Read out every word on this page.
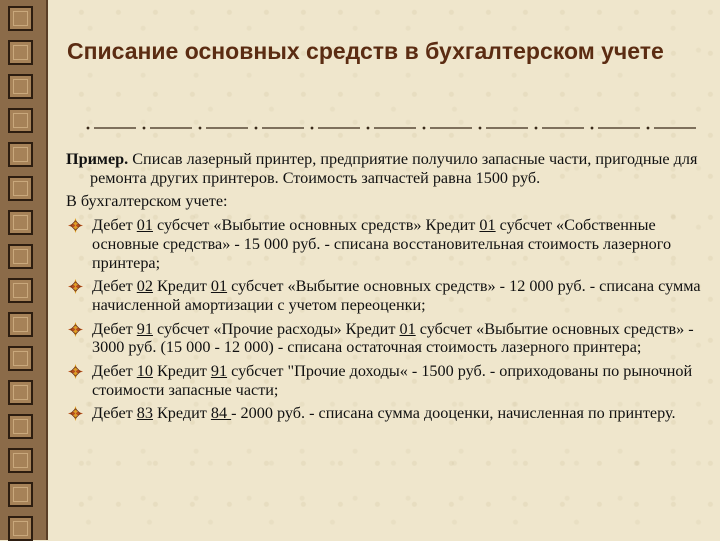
Списание основных средств в бухгалтерском учете

Пример. Списав лазерный принтер, предприятие получило запасные части, пригодные для ремонта других принтеров. Стоимость запчастей равна 1500 руб.

В бухгалтерском учете:

Дебет 01 субсчет «Выбытие основных средств» Кредит 01 субсчет «Собственные основные средства» - 15 000 руб. - списана восстановительная стоимость лазерного принтера;
Дебет 02 Кредит 01 субсчет «Выбытие основных средств» - 12 000 руб. - списана сумма начисленной амортизации с учетом переоценки;
Дебет 91 субсчет «Прочие расходы» Кредит 01 субсчет «Выбытие основных средств» - 3000 руб. (15 000 - 12 000) - списана остаточная стоимость лазерного принтера;
Дебет 10 Кредит 91 субсчет "Прочие доходы« - 1500 руб. - оприходованы по рыночной стоимости запасные части;
Дебет 83 Кредит 84 - 2000 руб. - списана сумма дооценки, начисленная по принтеру.
